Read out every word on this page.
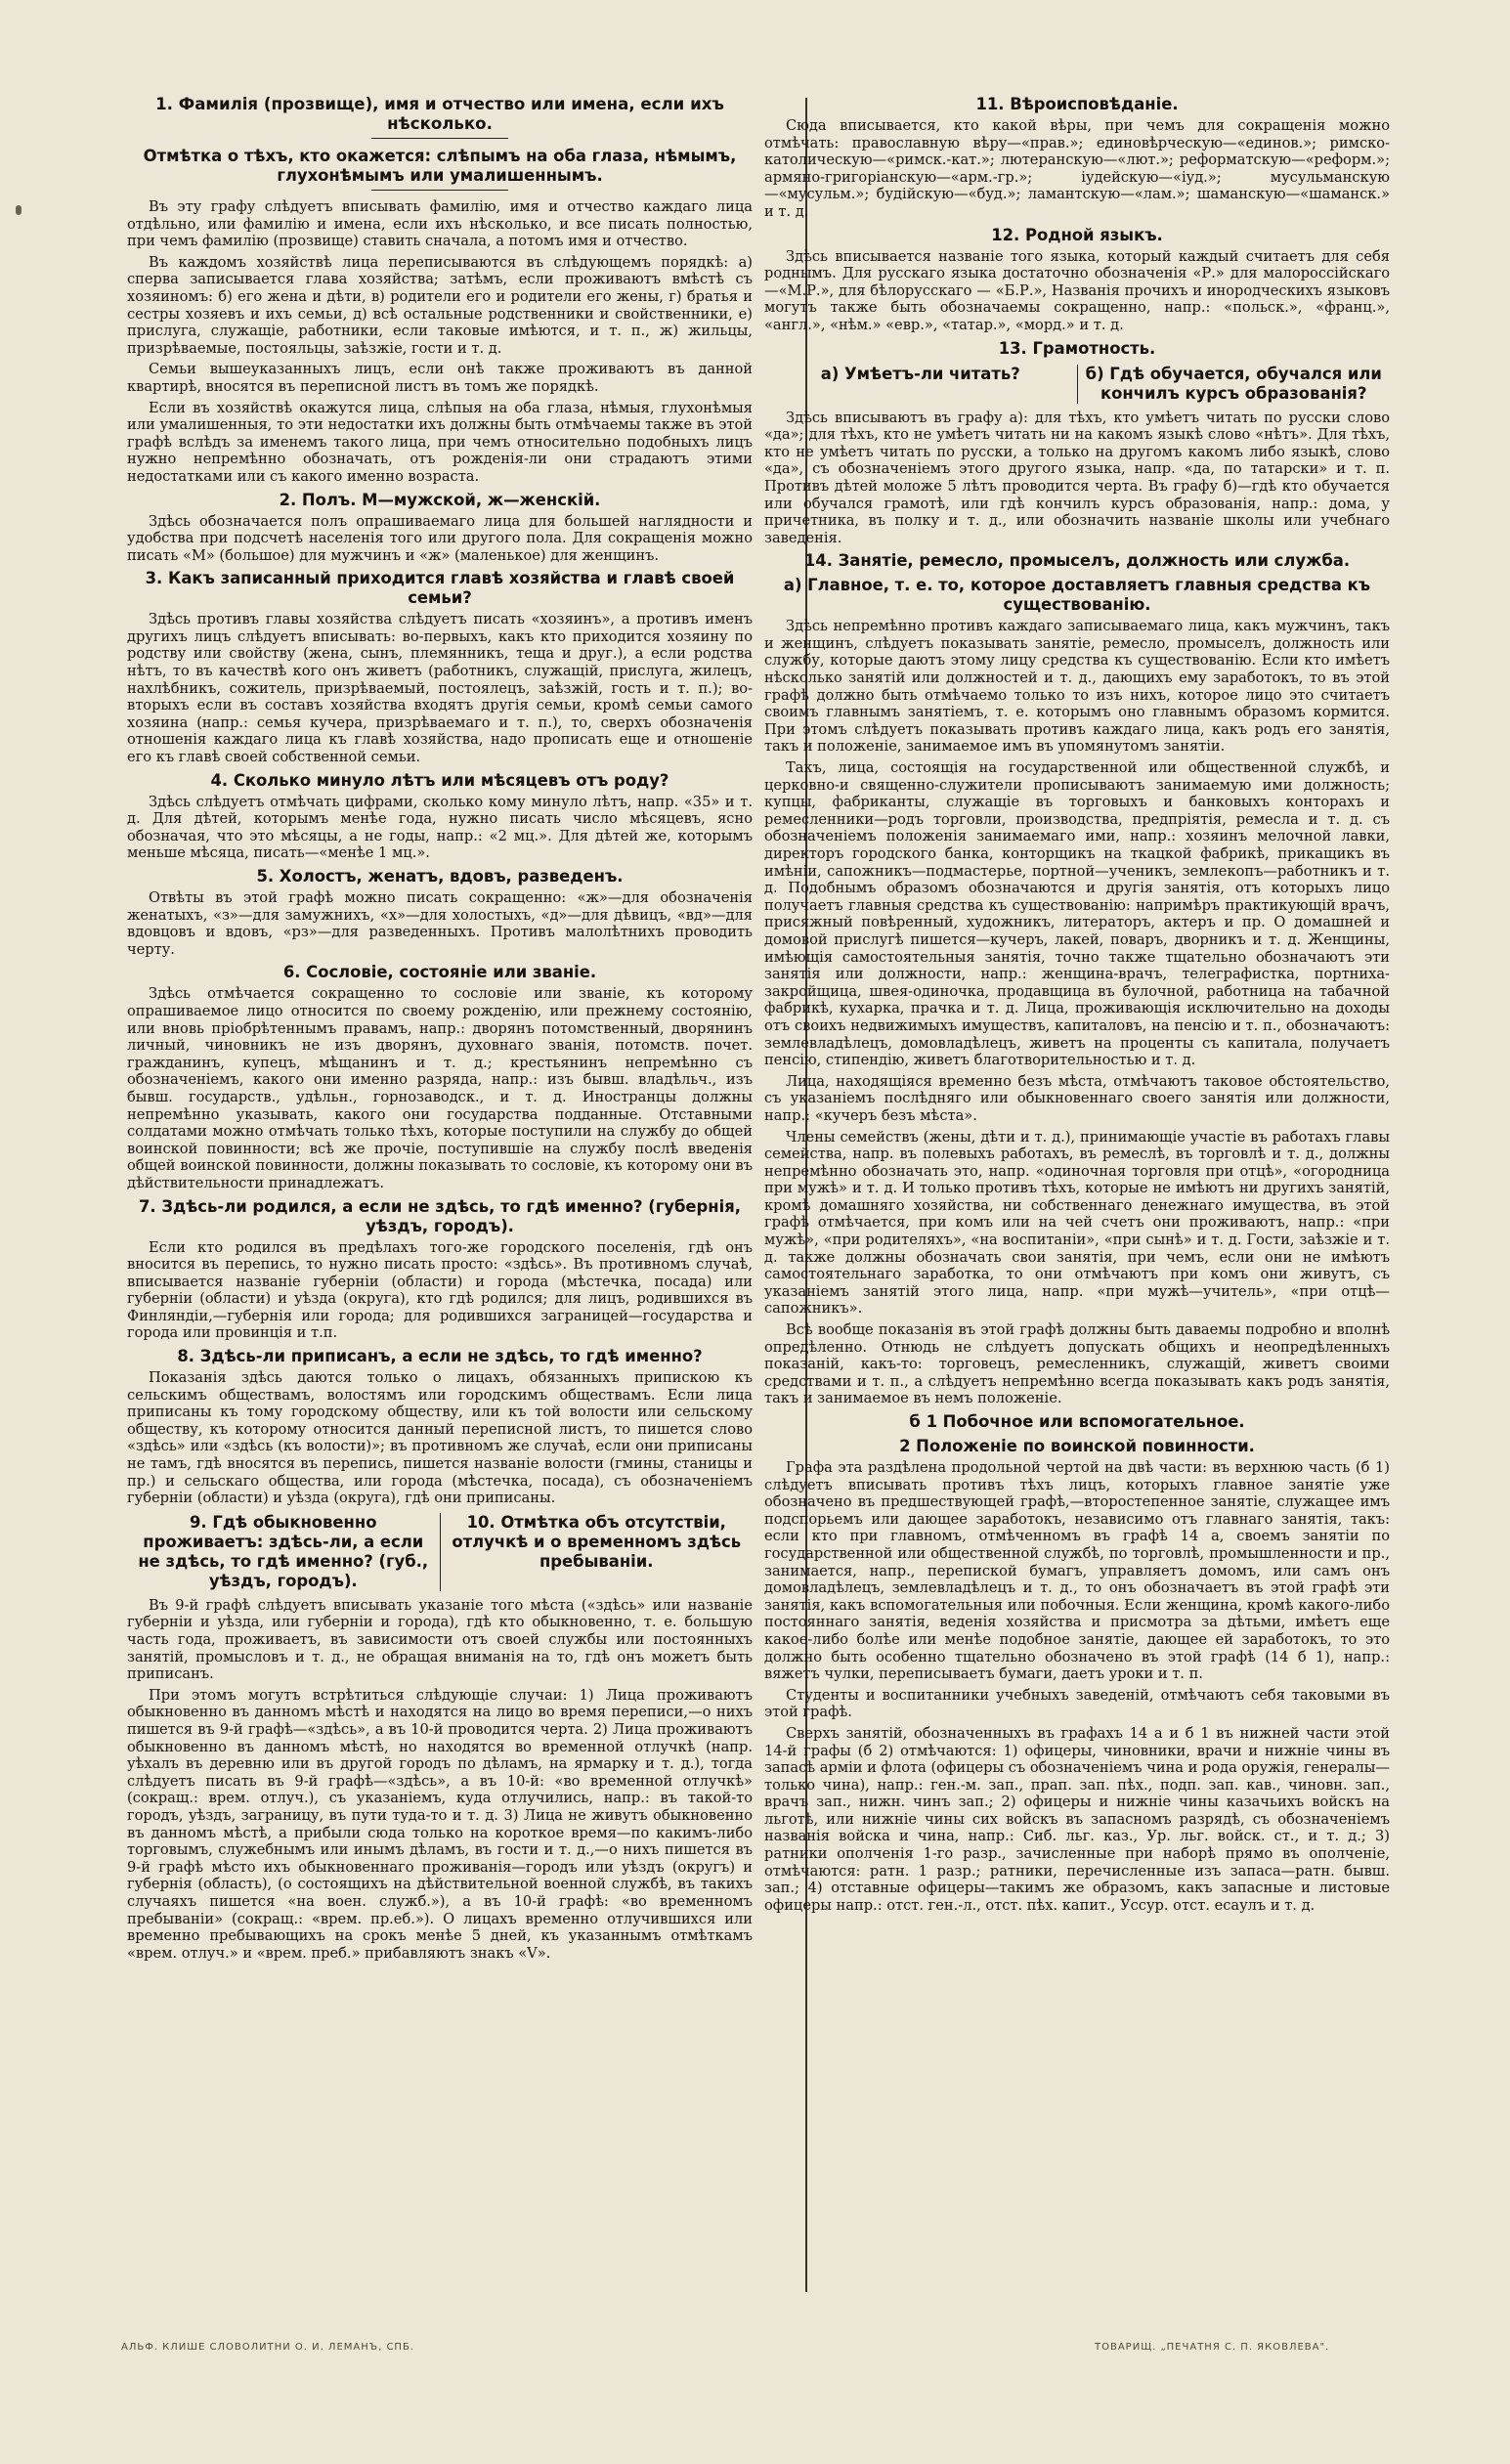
1. Фамилія (прозвище), имя и отчество или имена, если ихъ нѣсколько.
Отмѣтка о тѣхъ, кто окажется: слѣпымъ на оба глаза, нѣмымъ, глухонѣмымъ или умалишеннымъ.

Въ эту графу слѣдуетъ вписывать фамилію, имя и отчество каждаго лица отдѣльно, или фамилію и имена, если ихъ нѣсколько, и все писать полностью, при чемъ фамилію (прозвище) ставить сначала, а потомъ имя и отчество.

Въ каждомъ хозяйствѣ лица переписываются въ слѣдующемъ порядкѣ: а) сперва записывается глава хозяйства; затѣмъ, если проживаютъ вмѣстѣ съ хозяиномъ: б) его жена и дѣти, в) родители его и родители его жены, г) братья и сестры хозяевъ и ихъ семьи, д) всѣ остальные родственники и свойственники, е) прислуга, служащіе, работники, если таковые имѣются, и т. п., ж) жильцы, призрѣваемые, постояльцы, заѣзжіе, гости и т. д.

Семьи вышеуказанныхъ лицъ, если онѣ также проживаютъ въ данной квартирѣ, вносятся въ переписной листъ въ томъ же порядкѣ.

Если въ хозяйствѣ окажутся лица, слѣпыя на оба глаза, нѣмыя, глухонѣмыя или умалишенныя, то эти недостатки ихъ должны быть отмѣчаемы также въ этой графѣ вслѣдъ за именемъ такого лица, при чемъ относительно подобныхъ лицъ нужно непремѣнно обозначать, отъ рожденія-ли они страдаютъ этими недостатками или съ какого именно возраста.

2. Полъ. М—мужской, ж—женскій.

Здѣсь обозначается полъ опрашиваемаго лица для большей наглядности и удобства при подсчетѣ населенія того или другого пола. Для сокращенія можно писать «М» (большое) для мужчинъ и «ж» (маленькое) для женщинъ.

3. Какъ записанный приходится главѣ хозяйства и главѣ своей семьи?

Здѣсь противъ главы хозяйства слѣдуетъ писать «хозяинъ», а противъ именъ другихъ лицъ слѣдуетъ вписывать: во-первыхъ, какъ кто приходится хозяину по родству или свойству (жена, сынъ, племянникъ, теща и друг.), а если родства нѣтъ, то въ качествѣ кого онъ живетъ (работникъ, служащій, прислуга, жилецъ, нахлѣбникъ, сожитель, призрѣваемый, постоялецъ, заѣзжій, гость и т. п.); во-вторыхъ если въ составъ хозяйства входятъ другія семьи, кромѣ семьи самого хозяина (напр.: семья кучера, призрѣваемаго и т. п.), то, сверхъ обозначенія отношенія каждаго лица къ главѣ хозяйства, надо прописать еще и отношеніе его къ главѣ своей собственной семьи.

4. Сколько минуло лѣтъ или мѣсяцевъ отъ роду?

Здѣсь слѣдуетъ отмѣчать цифрами, сколько кому минуло лѣтъ, напр. «35» и т. д. Для дѣтей, которымъ менѣе года, нужно писать число мѣсяцевъ, ясно обозначая, что это мѣсяцы, а не годы, напр.: «2 мц.». Для дѣтей же, которымъ меньше мѣсяца, писать—«менѣе 1 мц.».

5. Холостъ, женатъ, вдовъ, разведенъ.

Отвѣты въ этой графѣ можно писать сокращенно: «ж»—для обозначенія женатыхъ, «з»—для замужнихъ, «х»—для холостыхъ, «д»—для дѣвицъ, «вд»—для вдовцовъ и вдовъ, «рз»—для разведенныхъ. Противъ малолѣтнихъ проводить черту.

6. Сословіе, состояніе или званіе.

Здѣсь отмѣчается сокращенно то сословіе или званіе, къ которому опрашиваемое лицо относится по своему рожденію, или прежнему состоянію, или вновь пріобрѣтеннымъ правамъ, напр.: дворянъ потомственный, дворянинъ личный, чиновникъ не изъ дворянъ, духовнаго званія, потомств. почет. гражданинъ, купецъ, мѣщанинъ и т. д.; крестьянинъ непремѣнно съ обозначеніемъ, какого они именно разряда, напр.: изъ бывш. владѣльч., изъ бывш. государств., удѣльн., горнозаводск., и т. д. Иностранцы должны непремѣнно указывать, какого они государства подданные. Отставными солдатами можно отмѣчать только тѣхъ, которые поступили на службу до общей воинской повинности; всѣ же прочіе, поступившіе на службу послѣ введенія общей воинской повинности, должны показывать то сословіе, къ которому они въ дѣйствительности принадлежатъ.

7. Здѣсь-ли родился, а если не здѣсь, то гдѣ именно? (губернія, уѣздъ, городъ).

Если кто родился въ предѣлахъ того-же городского поселенія, гдѣ онъ вносится въ перепись, то нужно писать просто: «здѣсь». Въ противномъ случаѣ, вписывается названіе губерніи (области) и города (мѣстечка, посада) или губерніи (области) и уѣзда (округа), кто гдѣ родился; для лицъ, родившихся въ Финляндіи,—губернія или города; для родившихся заграницей—государства и города или провинція и т.п.

8. Здѣсь-ли приписанъ, а если не здѣсь, то гдѣ именно?

Показанія здѣсь даются только о лицахъ, обязанныхъ припискою къ сельскимъ обществамъ, волостямъ или городскимъ обществамъ. Если лица приписаны къ тому городскому обществу, или къ той волости или сельскому обществу, къ которому относится данный переписной листъ, то пишется слово «здѣсь» или «здѣсь (къ волости)»; въ противномъ же случаѣ, если они приписаны не тамъ, гдѣ вносятся въ перепись, пишется названіе волости (гмины, станицы и пр.) и сельскаго общества, или города (мѣстечка, посада), съ обозначеніемъ губерніи (области) и уѣзда (округа), гдѣ они приписаны.

9. Гдѣ обыкновенно проживаетъ: здѣсь-ли, а если не здѣсь, то гдѣ именно? (губ., уѣздъ, городъ).
10. Отмѣтка объ отсутствіи, отлучкѣ и о временномъ здѣсь пребываніи.

Въ 9-й графѣ слѣдуетъ вписывать указаніе того мѣста («здѣсь» или названіе губерніи и уѣзда, или губерніи и города), гдѣ кто обыкновенно, т. е. большую часть года, проживаетъ, въ зависимости отъ своей службы или постоянныхъ занятій, промысловъ и т. д., не обращая вниманія на то, гдѣ онъ можетъ быть приписанъ.

При этомъ могутъ встрѣтиться слѣдующіе случаи: 1) Лица проживаютъ обыкновенно въ данномъ мѣстѣ и находятся на лицо во время переписи,—о нихъ пишется въ 9-й графѣ—«здѣсь», а въ 10-й проводится черта. 2) Лица проживаютъ обыкновенно въ данномъ мѣстѣ, но находятся во временной отлучкѣ (напр. уѣхалъ въ деревню или въ другой городъ по дѣламъ, на ярмарку и т. д.), тогда слѣдуетъ писать въ 9-й графѣ—«здѣсь», а въ 10-й: «во временной отлучкѣ» (сокращ.: врем. отлуч.), съ указаніемъ, куда отлучились, напр.: въ такой-то городъ, уѣздъ, заграницу, въ пути туда-то и т. д. 3) Лица не живутъ обыкновенно въ данномъ мѣстѣ, а прибыли сюда только на короткое время—по какимъ-либо торговымъ, служебнымъ или инымъ дѣламъ, въ гости и т. д.,—о нихъ пишется въ 9-й графѣ мѣсто ихъ обыкновеннаго проживанія—городъ или уѣздъ (округъ) и губернія (область), (о состоящихъ на дѣйствительной военной службѣ, въ такихъ случаяхъ пишется «на воен. служб.»), а въ 10-й графѣ: «во временномъ пребываніи» (сокращ.: «врем. пр.еб.»). О лицахъ временно отлучившихся или временно пребывающихъ на срокъ менѣе 5 дней, къ указаннымъ отмѣткамъ «врем. отлуч.» и «врем. преб.» прибавляютъ знакъ «V».

11. Вѣроисповѣданіе.

Сюда вписывается, кто какой вѣры, при чемъ для сокращенія можно отмѣчать: православную вѣру—«прав.»; единовѣрческую—«единов.»; римско-католическую—«римск.-кат.»; лютеранскую—«лют.»; реформатскую—«реформ.»; армяно-григоріанскую—«арм.-гр.»; іудейскую—«іуд.»; мусульманскую—«мусульм.»; будійскую—«буд.»; ламантскую—«лам.»; шаманскую—«шаманск.» и т. д.

12. Родной языкъ.

Здѣсь вписывается названіе того языка, который каждый считаетъ для себя роднымъ. Для русскаго языка достаточно обозначенія «Р.» для малороссійскаго—«М.Р.», для бѣлорусскаго — «Б.Р.», Названія прочихъ и инородческихъ языковъ могутъ также быть обозначаемы сокращенно, напр.: «польск.», «франц.», «англ.», «нѣм.» «евр.», «татар.», «морд.» и т. д.

13. Грамотность.
а) Умѣетъ-ли читать?	б) Гдѣ обучается, обучался или кончилъ курсъ образованія?

Здѣсь вписываютъ въ графу а): для тѣхъ, кто умѣетъ читать по русски слово «да»; для тѣхъ, кто не умѣетъ читать ни на какомъ языкѣ слово «нѣтъ». Для тѣхъ, кто не умѣетъ читать по русски, а только на другомъ какомъ либо языкѣ, слово «да», съ обозначеніемъ этого другого языка, напр. «да, по татарски» и т. п. Противъ дѣтей моложе 5 лѣтъ проводится черта. Въ графу б)—гдѣ кто обучается или обучался грамотѣ, или гдѣ кончилъ курсъ образованія, напр.: дома, у причетника, въ полку и т. д., или обозначить названіе школы или учебнаго заведенія.

14. Занятіе, ремесло, промыселъ, должность или служба.
а) Главное, т. е. то, которое доставляетъ главныя средства къ существованію.

Здѣсь непремѣнно противъ каждаго записываемаго лица, какъ мужчинъ, такъ и женщинъ, слѣдуетъ показывать занятіе, ремесло, промыселъ, должность или службу, которые даютъ этому лицу средства къ существованію. Если кто имѣетъ нѣсколько занятій или должностей и т. д., дающихъ ему заработокъ, то въ этой графѣ должно быть отмѣчаемо только то изъ нихъ, которое лицо это считаетъ своимъ главнымъ занятіемъ, т. е. которымъ оно главнымъ образомъ кормится. При этомъ слѣдуетъ показывать противъ каждаго лица, какъ родъ его занятія, такъ и положеніе, занимаемое имъ въ упомянутомъ занятіи.

Такъ, лица, состоящія на государственной или общественной службѣ, и церковно-и священно-служители прописываютъ занимаемую ими должность; купцы, фабриканты, служащіе въ торговыхъ и банковыхъ конторахъ и ремесленники—родъ торговли, производства, предпріятія, ремесла и т. д. съ обозначеніемъ положенія занимаемаго ими, напр.: хозяинъ мелочной лавки, директоръ городского банка, конторщикъ на ткацкой фабрикѣ, прикащикъ въ имѣніи, сапожникъ—подмастерье, портной—ученикъ, землекопъ—работникъ и т. д. Подобнымъ образомъ обозначаются и другія занятія, отъ которыхъ лицо получаетъ главныя средства къ существованію: напримѣръ практикующій врачъ, присяжный повѣренный, художникъ, литераторъ, актеръ и пр. О домашней и домовой прислугѣ пишется—кучеръ, лакей, поваръ, дворникъ и т. д. Женщины, имѣющія самостоятельныя занятія, точно также тщательно обозначаютъ эти занятія или должности, напр.: женщина-врачъ, телеграфистка, портниха-закройщица, швея-одиночка, продавщица въ булочной, работница на табачной фабрикѣ, кухарка, прачка и т. д. Лица, проживающія исключительно на доходы отъ своихъ недвижимыхъ имуществъ, капиталовъ, на пенсію и т. п., обозначаютъ: землевладѣлецъ, домовладѣлецъ, живетъ на проценты съ капитала, получаетъ пенсію, стипендію, живетъ благотворительностью и т. д.

Лица, находящіяся временно безъ мѣста, отмѣчаютъ таковое обстоятельство, съ указаніемъ послѣдняго или обыкновеннаго своего занятія или должности, напр.: «кучеръ безъ мѣста».

Члены семействъ (жены, дѣти и т. д.), принимающіе участіе въ работахъ главы семейства, напр. въ полевыхъ работахъ, въ ремеслѣ, въ торговлѣ и т. д., должны непремѣнно обозначать это, напр. «одиночная торговля при отцѣ», «огородница при мужѣ» и т. д. И только противъ тѣхъ, которые не имѣютъ ни другихъ занятій, кромѣ домашняго хозяйства, ни собственнаго денежнаго имущества, въ этой графѣ отмѣчается, при комъ или на чей счетъ они проживаютъ, напр.: «при мужѣ», «при родителяхъ», «на воспитаніи», «при сынѣ» и т. д. Гости, заѣзжіе и т. д. также должны обозначать свои занятія, при чемъ, если они не имѣютъ самостоятельнаго заработка, то они отмѣчаютъ при комъ они живутъ, съ указаніемъ занятій этого лица, напр. «при мужѣ—учитель», «при отцѣ—сапожникъ».

Всѣ вообще показанія въ этой графѣ должны быть даваемы подробно и вполнѣ опредѣленно. Отнюдь не слѣдуетъ допускать общихъ и неопредѣленныхъ показаній, какъ-то: торговецъ, ремесленникъ, служащій, живетъ своими средствами и т. п., а слѣдуетъ непремѣнно всегда показывать какъ родъ занятія, такъ и занимаемое въ немъ положеніе.

б 1 Побочное или вспомогательное.
2 Положеніе по воинской повинности.

Графа эта раздѣлена продольной чертой на двѣ части: въ верхнюю часть (б 1) слѣдуетъ вписывать противъ тѣхъ лицъ, которыхъ главное занятіе уже обозначено въ предшествующей графѣ,—второстепенное занятіе, служащее имъ подспорьемъ или дающее заработокъ, независимо отъ главнаго занятія, такъ: если кто при главномъ, отмѣченномъ въ графѣ 14 а, своемъ занятіи по государственной или общественной службѣ, по торговлѣ, промышленности и пр., занимается, напр., перепиской бумагъ, управляетъ домомъ, или самъ онъ домовладѣлецъ, землевладѣлецъ и т. д., то онъ обозначаетъ въ этой графѣ эти занятія, какъ вспомогательныя или побочныя. Если женщина, кромѣ какого-либо постояннаго занятія, веденія хозяйства и присмотра за дѣтьми, имѣетъ еще какое-либо болѣе или менѣе подобное занятіе, дающее ей заработокъ, то это должно быть особенно тщательно обозначено въ этой графѣ (14 б 1), напр.: вяжетъ чулки, переписываетъ бумаги, даетъ уроки и т. п.

Студенты и воспитанники учебныхъ заведеній, отмѣчаютъ себя таковыми въ этой графѣ.

Сверхъ занятій, обозначенныхъ въ графахъ 14 а и б 1 въ нижней части этой 14-й графы (б 2) отмѣчаются: 1) офицеры, чиновники, врачи и нижніе чины въ запасѣ арміи и флота (офицеры съ обозначеніемъ чина и рода оружія, генералы—только чина), напр.: ген.-м. зап., прап. зап. пѣх., подп. зап. кав., чиновн. зап., врачъ зап., нижн. чинъ зап.; 2) офицеры и нижніе чины казачьихъ войскъ на льготѣ, или нижніе чины сих войскъ въ запасномъ разрядѣ, съ обозначеніемъ названія войска и чина, напр.: Сиб. льг. каз., Ур. льг. войск. ст., и т. д.; 3) ратники ополченія 1-го разр., зачисленные при наборѣ прямо въ ополченіе, отмѣчаются: ратн. 1 разр.; ратники, перечисленные изъ запаса—ратн. бывш. зап.; 4) отставные офицеры—такимъ же образомъ, какъ запасные и листовые офицеры напр.: отст. ген.-л., отст. пѣх. капит., Уссур. отст. есаулъ и т. д.

АЛЬФ. КЛИШЕ СЛОВОЛИТНИ О. И. ЛЕМАНЪ, СПБ.	ТОВАРИЩ. „ПЕЧАТНЯ С. П. ЯКОВЛЕВА".
